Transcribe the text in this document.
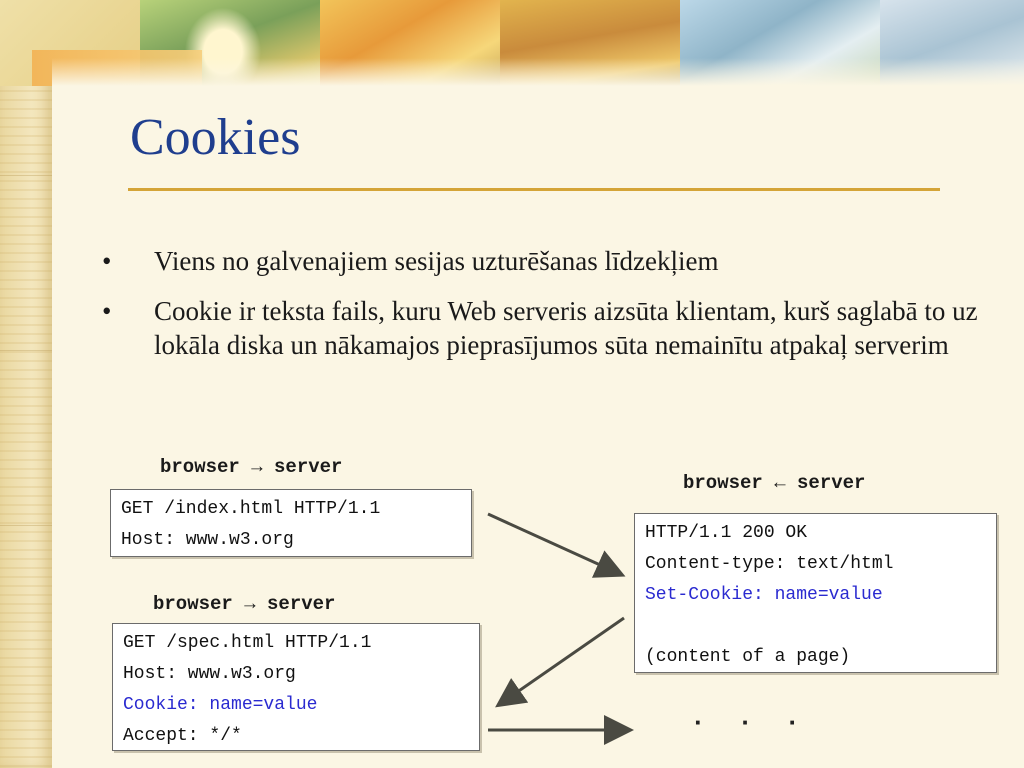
Cookies
• Viens no galvenajiem sesijas uzturēšanas līdzekļiem
• Cookie ir teksta fails, kuru Web serveris aizsūta klientam, kurš saglabā to uz lokāla diska un nākamajos pieprasījumos sūta nemainītu atpakaļ serverim
browser → server
GET /index.html HTTP/1.1
Host: www.w3.org
browser ← server
HTTP/1.1 200 OK
Content-type: text/html
Set-Cookie: name=value
(content of a page)
browser → server
GET /spec.html HTTP/1.1
Host: www.w3.org
Cookie: name=value
Accept: */*	· · ·
